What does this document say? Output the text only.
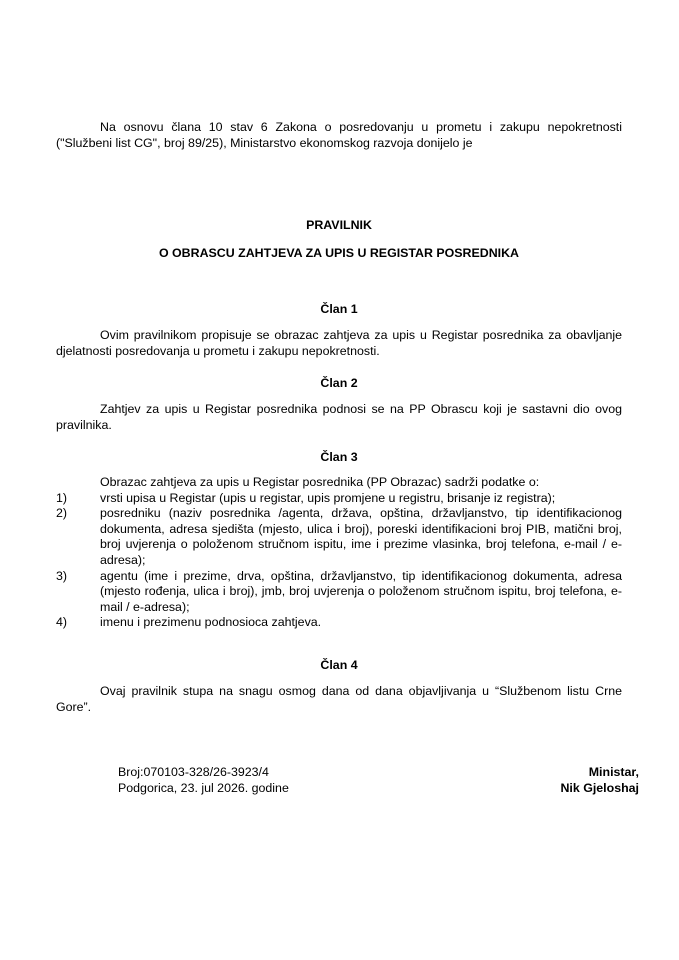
Na osnovu člana 10 stav 6 Zakona o posredovanju u prometu i zakupu nepokretnosti ("Službeni list CG", broj 89/25), Ministarstvo ekonomskog razvoja donijelo je
PRAVILNIK
O OBRASCU ZAHTJEVA ZA UPIS U REGISTAR POSREDNIKA
Član 1
Ovim pravilnikom propisuje se obrazac zahtjeva za upis u Registar posrednika za obavljanje djelatnosti posredovanja u prometu i zakupu nepokretnosti.
Član 2
Zahtjev za upis u Registar posrednika podnosi se na PP Obrascu koji je sastavni dio ovog pravilnika.
Član 3
Obrazac zahtjeva za upis u Registar posrednika (PP Obrazac) sadrži podatke o:
1)	vrsti upisa u Registar (upis u registar, upis promjene u registru, brisanje iz registra);
2)	posredniku (naziv posrednika /agenta, država, opština, državljanstvo, tip identifikacionog dokumenta, adresa sjedišta (mjesto, ulica i broj), poreski identifikacioni broj PIB, matični broj, broj uvjerenja o položenom stručnom ispitu, ime i prezime vlasinka, broj telefona, e-mail / e-adresa);
3)	agentu (ime i prezime, drva, opština, državljanstvo, tip identifikacionog dokumenta, adresa (mjesto rođenja, ulica i broj), jmb, broj uvjerenja o položenom stručnom ispitu, broj telefona, e-mail / e-adresa);
4)	imenu i prezimenu podnosioca zahtjeva.
Član 4
Ovaj pravilnik stupa na snagu osmog dana od dana objavljivanja u “Službenom listu Crne Gore”.
Broj:070103-328/26-3923/4
Podgorica, 23. jul 2026. godine
Ministar,
Nik Gjeloshaj
